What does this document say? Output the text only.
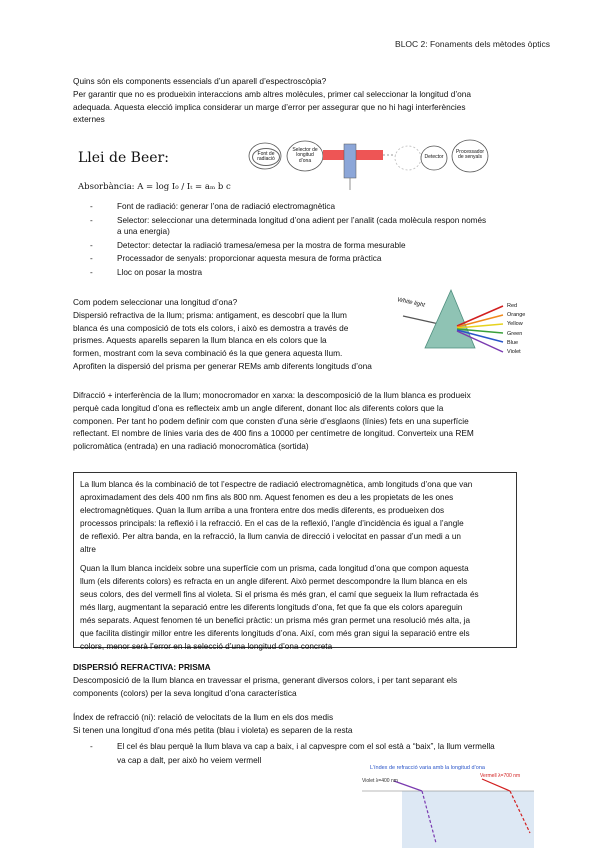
BLOC 2: Fonaments dels mètodes òptics
Quins són els components essencials d’un aparell d’espectroscòpia?
Per garantir que no es produeixin interaccions amb altres molècules, primer cal seleccionar la longitud d’ona
adequada. Aquesta elecció implica considerar un marge d’error per assegurar que no hi hagi interferències
externes
Llei de Beer:
Absorbància: A = log I₀ / Iₜ = aₘ b c
Font de radiació
Selector de longitud d’ona
Detector
Processador de senyals
- Font de radiació: generar l’ona de radiació electromagnètica
- Selector: seleccionar una determinada longitud d’ona adient per l’analit (cada molècula respon només
a una energia)
- Detector: detectar la radiació tramesa/emesa per la mostra de forma mesurable
- Processador de senyals: proporcionar aquesta mesura de forma pràctica
- Lloc on posar la mostra
Com podem seleccionar una longitud d’ona?
Dispersió refractiva de la llum; prisma: antigament, es descobrí que la llum
blanca és una composició de tots els colors, i això es demostra a través de
prismes. Aquests aparells separen la llum blanca en els colors que la
formen, mostrant com la seva combinació és la que genera aquesta llum.
Aprofiten la dispersió del prisma per generar REMs amb diferents longituds d’ona
White light	Red
Orange
Yellow
Green
Blue
Violet
Difracció + interferència de la llum; monocromador en xarxa: la descomposició de la llum blanca es produeix
perquè cada longitud d’ona es reflecteix amb un angle diferent, donant lloc als diferents colors que la
componen. Per tant ho podem definir com que consten d’una sèrie d’esglaons (línies) fets en una superfície
reflectant. El nombre de línies varia des de 400 fins a 10000 per centímetre de longitud. Converteix una REM
policromàtica (entrada) en una radiació monocromàtica (sortida)
La llum blanca és la combinació de tot l’espectre de radiació electromagnètica, amb longituds d’ona que van
aproximadament des dels 400 nm fins als 800 nm. Aquest fenomen es deu a les propietats de les ones
electromagnètiques. Quan la llum arriba a una frontera entre dos medis diferents, es produeixen dos
processos principals: la reflexió i la refracció. En el cas de la reflexió, l’angle d’incidència és igual a l’angle
de reflexió. Per altra banda, en la refracció, la llum canvia de direcció i velocitat en passar d’un medi a un
altre
Quan la llum blanca incideix sobre una superfície com un prisma, cada longitud d’ona que compon aquesta
llum (els diferents colors) es refracta en un angle diferent. Això permet descompondre la llum blanca en els
seus colors, des del vermell fins al violeta. Si el prisma és més gran, el camí que segueix la llum refractada és
més llarg, augmentant la separació entre les diferents longituds d’ona, fet que fa que els colors apareguin
més separats. Aquest fenomen té un benefici pràctic: un prisma més gran permet una resolució més alta, ja
que facilita distingir millor entre les diferents longituds d’ona. Així, com més gran sigui la separació entre els
colors, menor serà l’error en la selecció d’una longitud d’ona concreta
DISPERSIÓ REFRACTIVA: PRISMA
Descomposició de la llum blanca en travessar el prisma, generant diversos colors, i per tant separant els
components (colors) per la seva longitud d’ona característica
Índex de refracció (ni): relació de velocitats de la llum en els dos medis
Si tenen una longitud d’ona més petita (blau i violeta) es separen de la resta
- El cel és blau perquè la llum blava va cap a baix, i al capvespre com el sol està a “baix”, la llum vermella
va cap a dalt, per això ho veiem vermell
L’índex de refracció varia amb la longitud d’ona
Violet λ=400 nm
Vermell λ=700 nm
